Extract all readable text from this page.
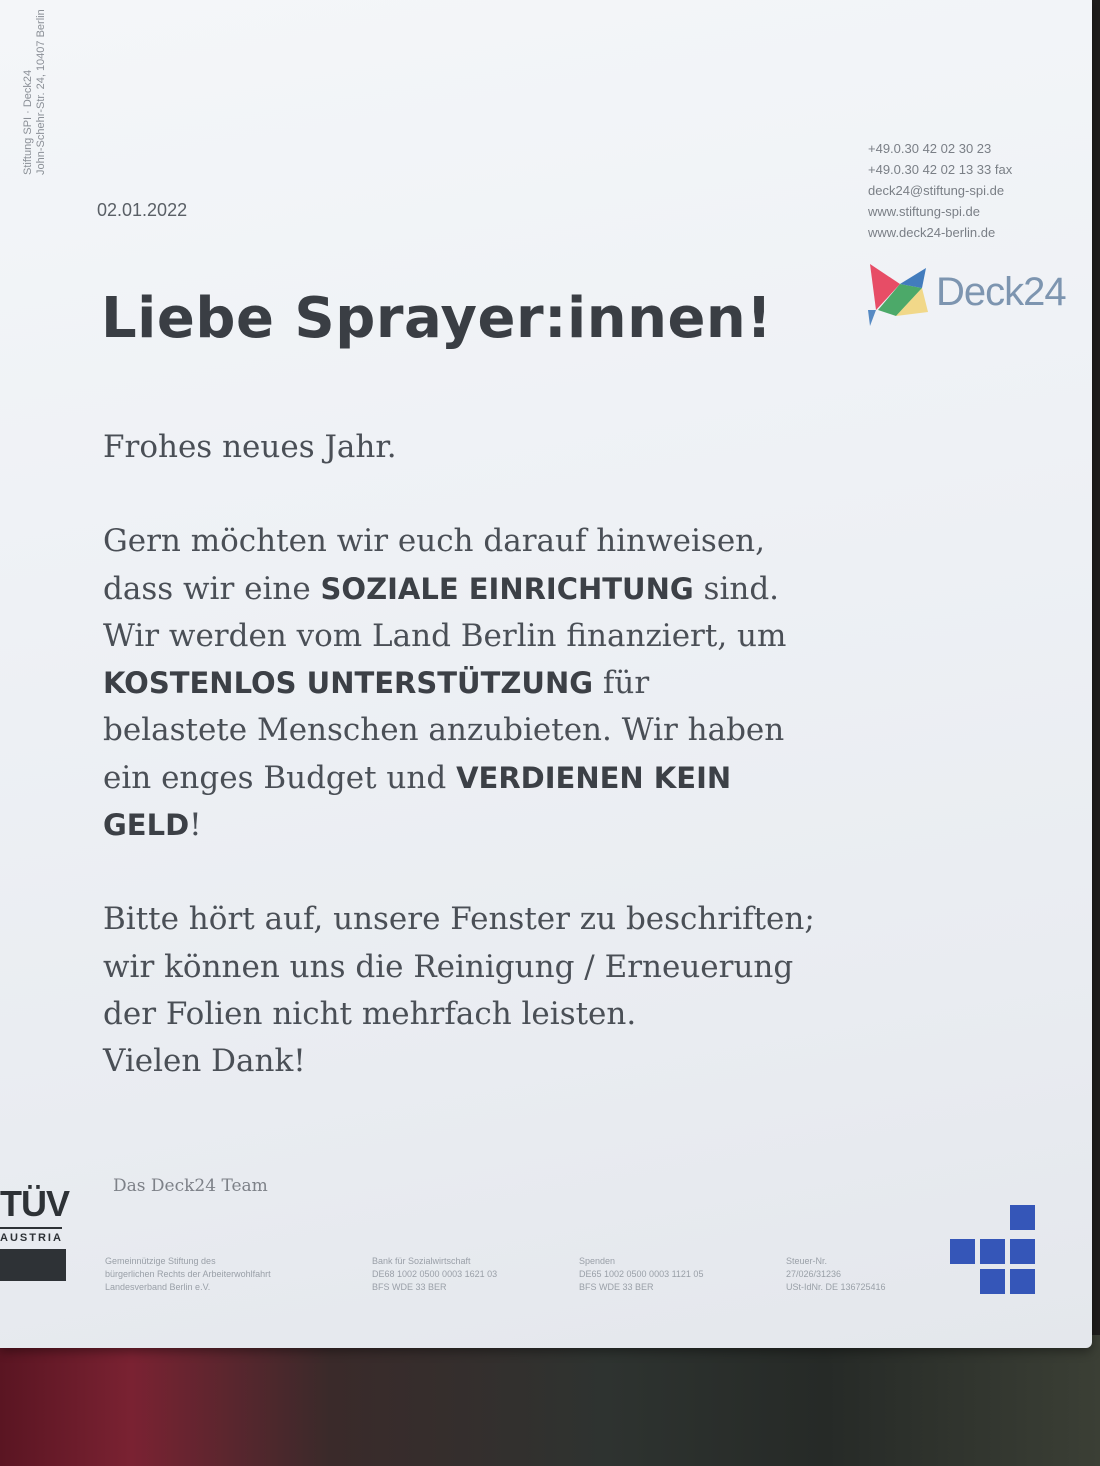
Stiftung SPI · Deck24 John-Schehr-Str. 24, 10407 Berlin
02.01.2022
+49.0.30 42 02 30 23
+49.0.30 42 02 13 33 fax
deck24@stiftung-spi.de
www.stiftung-spi.de
www.deck24-berlin.de
Deck24
Liebe Sprayer:innen!

Frohes neues Jahr.

Gern möchten wir euch darauf hinweisen,

dass wir eine SOZIALE EINRICHTUNG sind.

Wir werden vom Land Berlin finanziert, um

KOSTENLOS UNTERSTÜTZUNG für

belastete Menschen anzubieten. Wir haben

ein enges Budget und VERDIENEN KEIN

GELD!

Bitte hört auf, unsere Fenster zu beschriften;

wir können uns die Reinigung / Erneuerung

der Folien nicht mehrfach leisten.

Vielen Dank!

Das Deck24 Team
TÜV
AUSTRIA
Gemeinnützige Stiftung des
bürgerlichen Rechts der Arbeiterwohlfahrt
Landesverband Berlin e.V.
Bank für Sozialwirtschaft
DE68 1002 0500 0003 1621 03
BFS WDE 33 BER
Spenden
DE65 1002 0500 0003 1121 05
BFS WDE 33 BER
Steuer-Nr.
27/026/31236
USt-IdNr. DE 136725416
